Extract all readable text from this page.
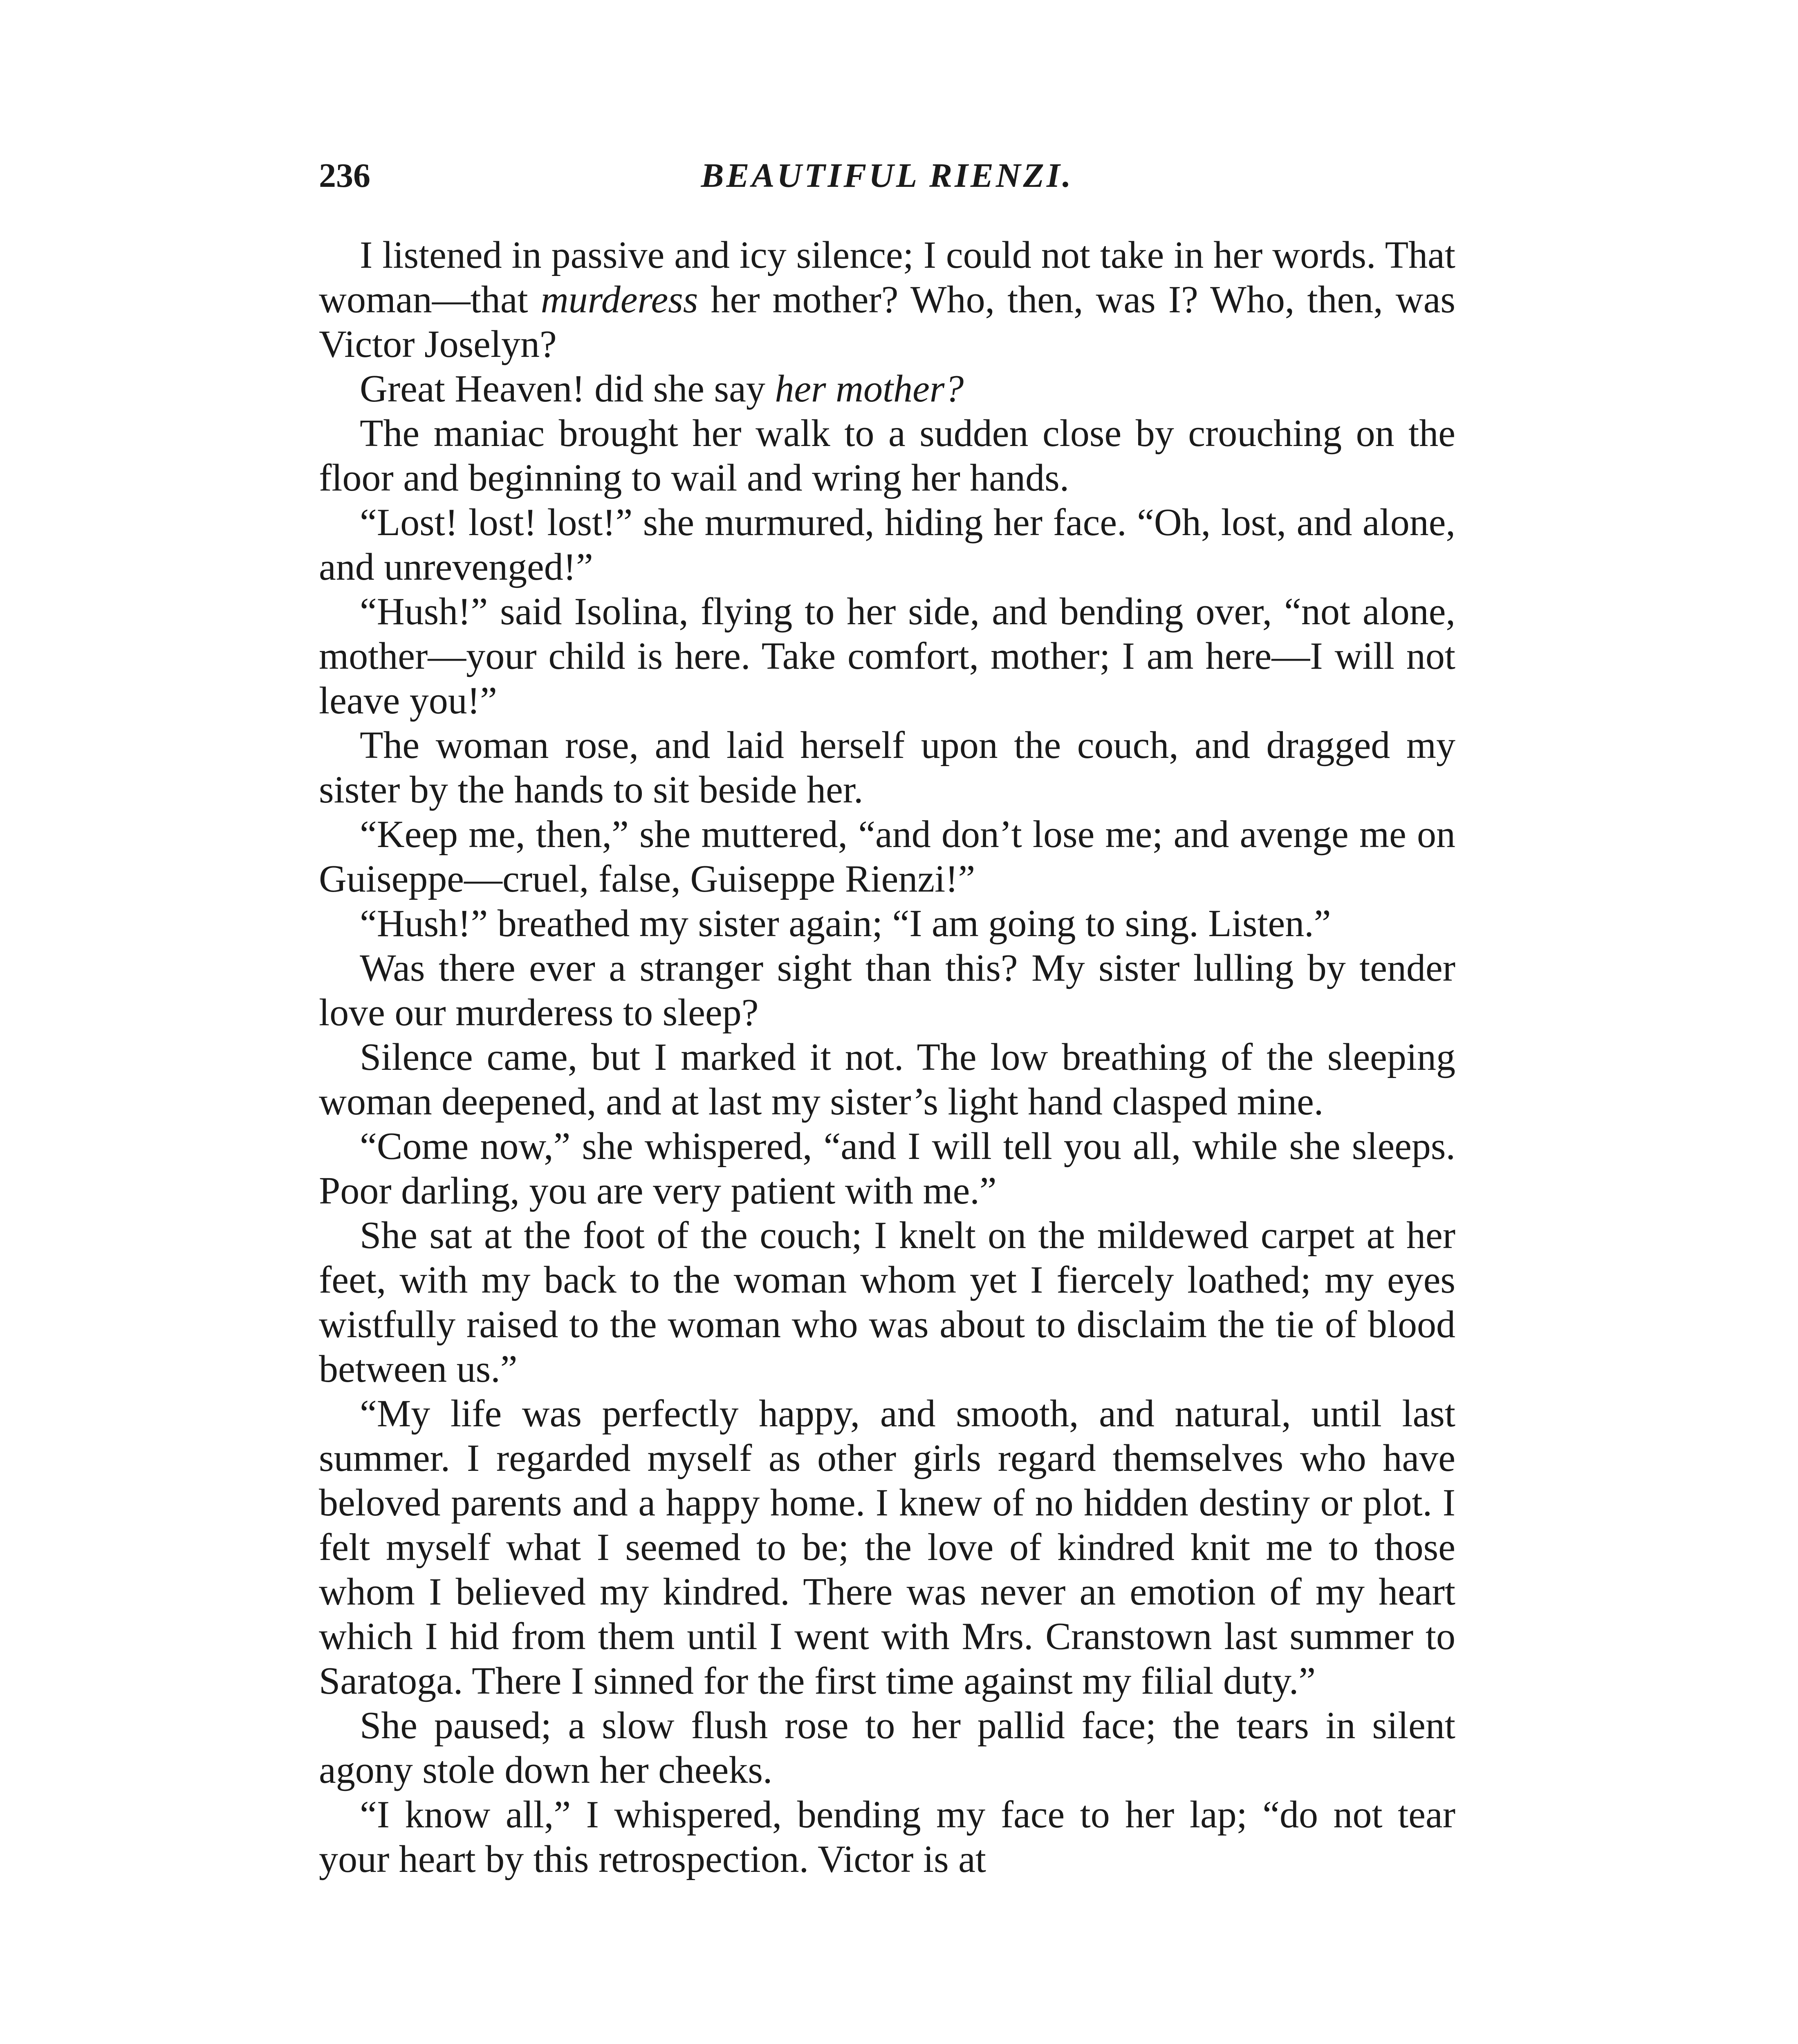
236	BEAUTIFUL RIENZI.

I listened in passive and icy silence; I could not take in her words. That woman—that murderess her mother? Who, then, was I? Who, then, was Victor Joselyn?

Great Heaven! did she say her mother?

The maniac brought her walk to a sudden close by crouching on the floor and beginning to wail and wring her hands.

“Lost! lost! lost!” she murmured, hiding her face. “Oh, lost, and alone, and unrevenged!”

“Hush!” said Isolina, flying to her side, and bending over, “not alone, mother—your child is here. Take comfort, mother; I am here—I will not leave you!”

The woman rose, and laid herself upon the couch, and dragged my sister by the hands to sit beside her.

“Keep me, then,” she muttered, “and don’t lose me; and avenge me on Guiseppe—cruel, false, Guiseppe Rienzi!”

“Hush!” breathed my sister again; “I am going to sing. Listen.”

Was there ever a stranger sight than this? My sister lulling by tender love our murderess to sleep?

Silence came, but I marked it not. The low breathing of the sleeping woman deepened, and at last my sister’s light hand clasped mine.

“Come now,” she whispered, “and I will tell you all, while she sleeps. Poor darling, you are very patient with me.”

She sat at the foot of the couch; I knelt on the mildewed carpet at her feet, with my back to the woman whom yet I fiercely loathed; my eyes wistfully raised to the woman who was about to disclaim the tie of blood between us.”

“My life was perfectly happy, and smooth, and natural, until last summer. I regarded myself as other girls regard themselves who have beloved parents and a happy home. I knew of no hidden destiny or plot. I felt myself what I seemed to be; the love of kindred knit me to those whom I believed my kindred. There was never an emotion of my heart which I hid from them until I went with Mrs. Cranstown last summer to Saratoga. There I sinned for the first time against my filial duty.”

She paused; a slow flush rose to her pallid face; the tears in silent agony stole down her cheeks.

“I know all,” I whispered, bending my face to her lap; “do not tear your heart by this retrospection. Victor is at
